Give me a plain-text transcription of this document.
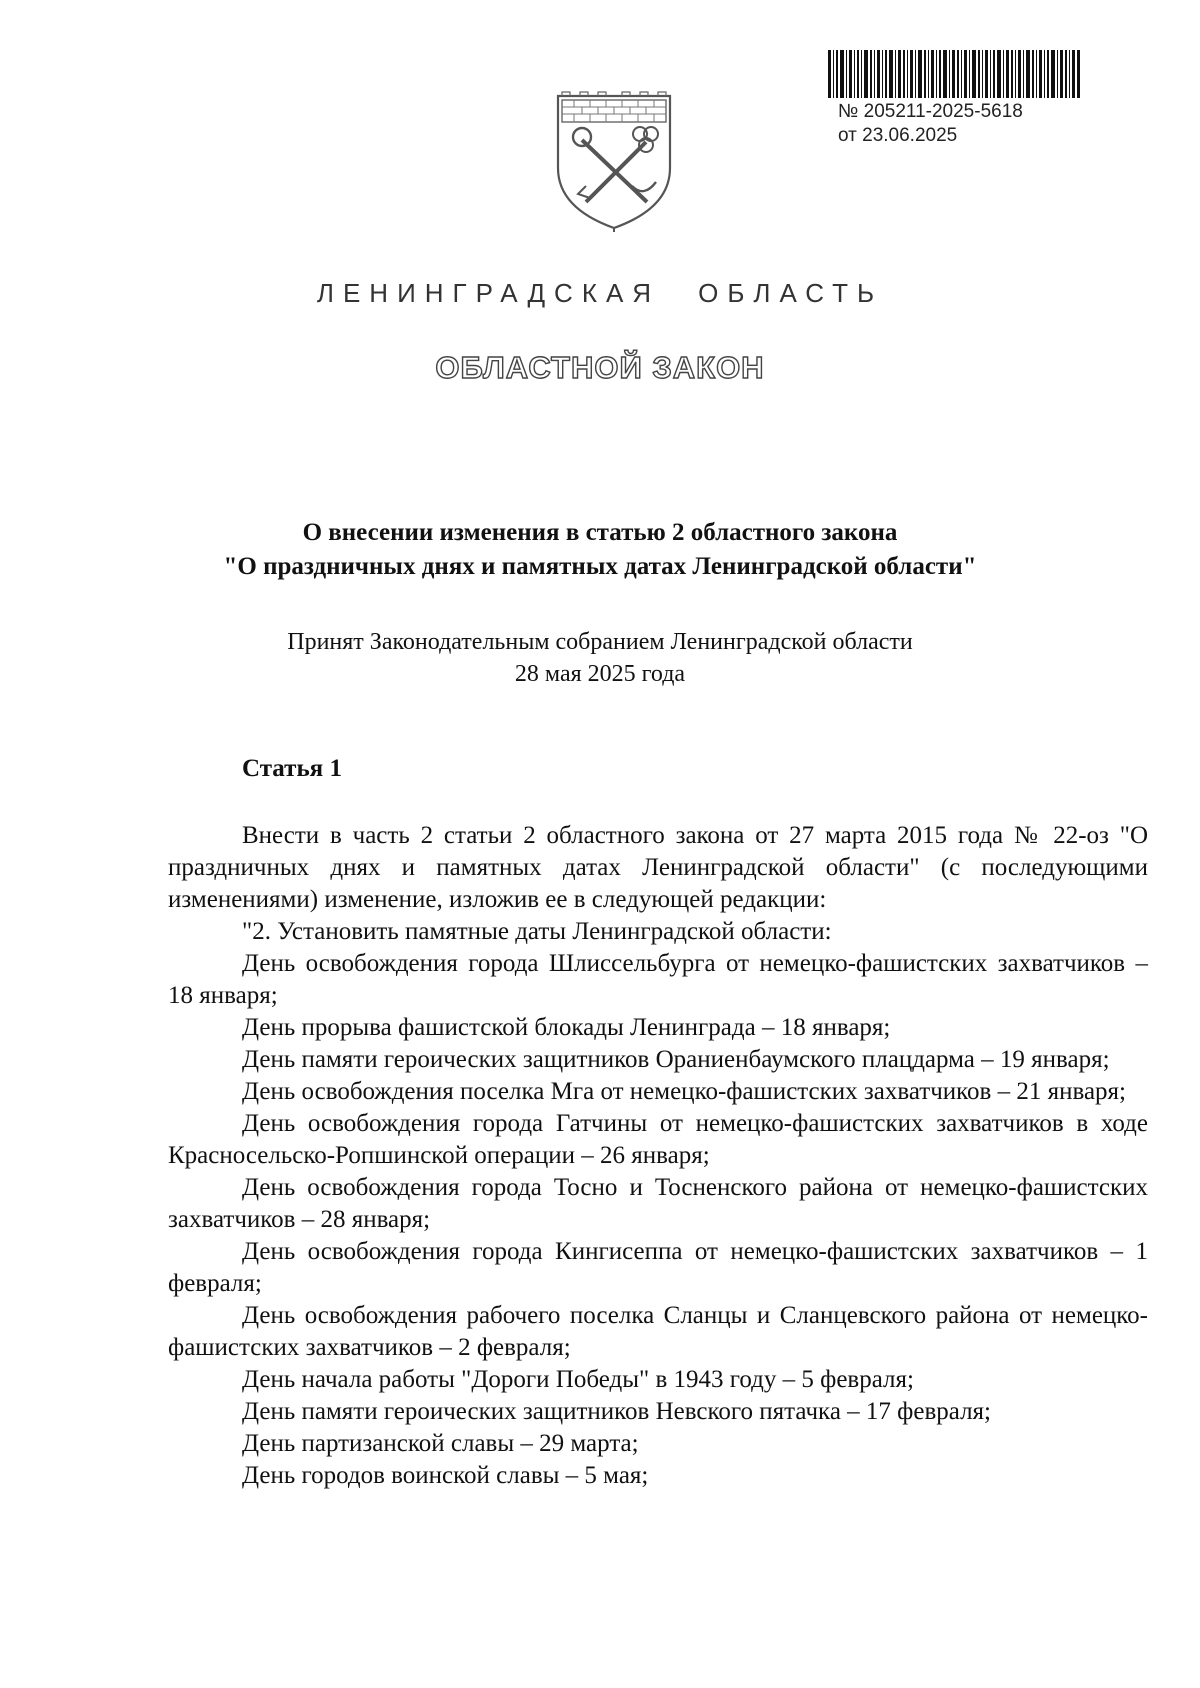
№ 205211-2025-5618
от 23.06.2025
ЛЕНИНГРАДСКАЯ ОБЛАСТЬ
ОБЛАСТНОЙ ЗАКОН
О внесении изменения в статью 2 областного закона
"О праздничных днях и памятных датах Ленинградской области"
Принят Законодательным собранием Ленинградской области
28 мая 2025 года
Статья 1

Внести в часть 2 статьи 2 областного закона от 27 марта 2015 года № 22-оз "О праздничных днях и памятных датах Ленинградской области" (с последующими изменениями) изменение, изложив ее в следующей редакции:

"2. Установить памятные даты Ленинградской области:

День освобождения города Шлиссельбурга от немецко-фашистских захватчиков – 18 января;

День прорыва фашистской блокады Ленинграда – 18 января;

День памяти героических защитников Ораниенбаумского плацдарма – 19 января;

День освобождения поселка Мга от немецко-фашистских захватчиков – 21 января;

День освобождения города Гатчины от немецко-фашистских захватчиков в ходе Красносельско-Ропшинской операции – 26 января;

День освобождения города Тосно и Тосненского района от немецко-фашистских захватчиков – 28 января;

День освобождения города Кингисеппа от немецко-фашистских захватчиков – 1 февраля;

День освобождения рабочего поселка Сланцы и Сланцевского района от немецко-фашистских захватчиков – 2 февраля;

День начала работы "Дороги Победы" в 1943 году – 5 февраля;

День памяти героических защитников Невского пятачка – 17 февраля;

День партизанской славы – 29 марта;

День городов воинской славы – 5 мая;
